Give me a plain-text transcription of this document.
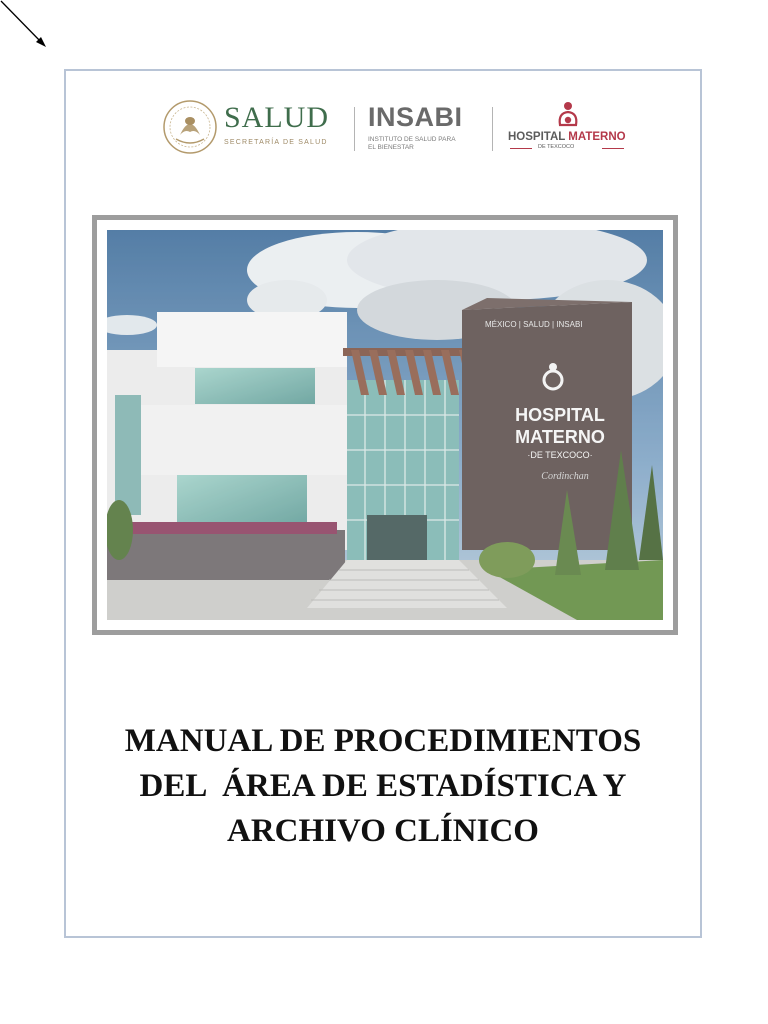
SALUD
SECRETARÍA DE SALUD
INSABI
INSTITUTO DE SALUD PARA
EL BIENESTAR
HOSPITAL MATERNO
DE TEXCOCO
MÉXICO | SALUD | INSABI
HOSPITAL
MATERNO
·DE TEXCOCO·
Cordinchan
MANUAL DE PROCEDIMIENTOS
DEL  ÁREA DE ESTADÍSTICA Y
ARCHIVO CLÍNICO
